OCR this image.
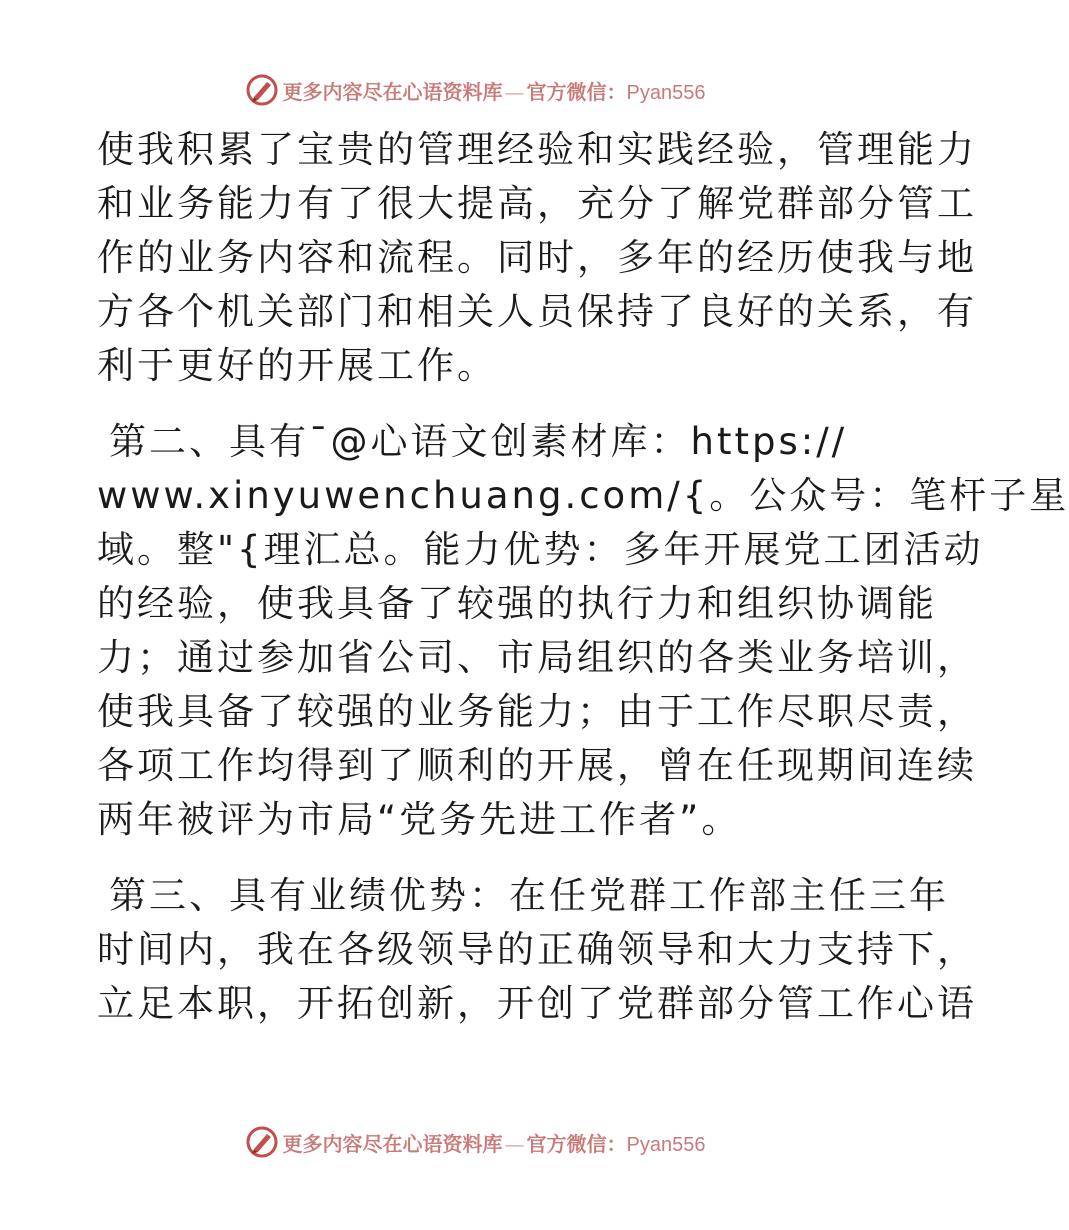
更多内容尽在心语资料库 — 官方微信：Pyan556
使我积累了宝贵的管理经验和实践经验，管理能力
和业务能力有了很大提高，充分了解党群部分管工
作的业务内容和流程。同时，多年的经历使我与地
方各个机关部门和相关人员保持了良好的关系，有
利于更好的开展工作。
第二、具有¯@心语文创素材库：https://
www.xinyuwenchuang.com/{。公众号：笔杆子星
域。整"{理汇总。能力优势：多年开展党工团活动
的经验，使我具备了较强的执行力和组织协调能
力；通过参加省公司、市局组织的各类业务培训，
使我具备了较强的业务能力；由于工作尽职尽责，
各项工作均得到了顺利的开展，曾在任现期间连续
两年被评为市局“党务先进工作者”。
第三、具有业绩优势：在任党群工作部主任三年
时间内，我在各级领导的正确领导和大力支持下，
立足本职，开拓创新，开创了党群部分管工作心语
更多内容尽在心语资料库 — 官方微信：Pyan556
